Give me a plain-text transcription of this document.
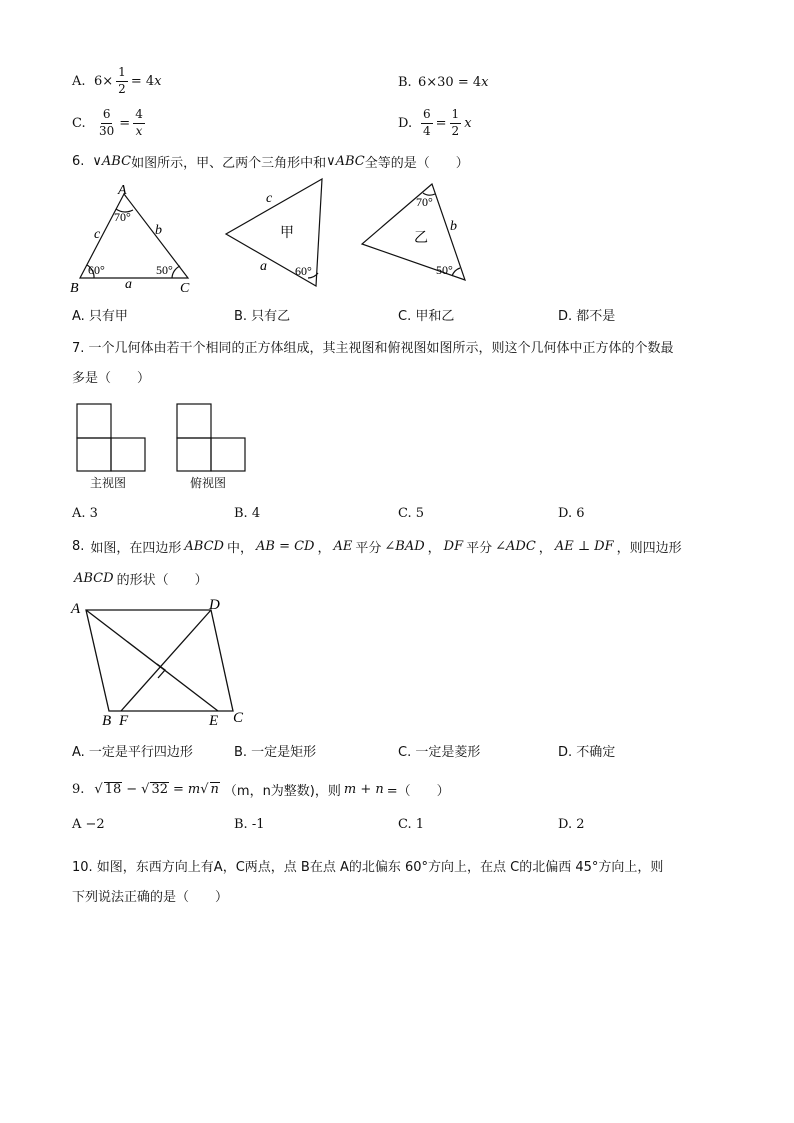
A. $6\times \frac{1}{2} = 4$ x	B. 6×30 = 4 x
C. $\frac{6}{30} = \frac{4}{x}$	D. $\frac{6}{4} = \frac{1}{2}$ x
6. ∨ABC 如图所示，甲、乙两个三角形中和 ∨ABC 全等的是（　　）
A
B	C
c	b
a
70°
60°	50°
c
甲
a 60°
70°
b
乙
50°
A. 只有甲	B. 只有乙	C. 甲和乙	D. 都不是
7. 一个几何体由若干个相同的正方体组成，其主视图和俯视图如图所示，则这个几何体中正方体的个数最
多是（　　）
主视图	俯视图
A. 3	B. 4	C. 5	D. 6
8. 如图，在四边形 ABCD 中， AB = CD ， AE 平分 ∠BAD ， DF 平分 ∠ADC ， AE ⊥ DF ，则四边形
ABCD 的形状（　　）
A	D
B F	E C
A. 一定是平行四边形	B. 一定是矩形	C. 一定是菱形	D. 不确定
9. √ 18 − √ 32 = m √ n （m，n为整数)，则 m + n =（　　）
A −2	B. -1	C. 1	D. 2
10. 如图，东西方向上有A，C两点，点 B在点 A的北偏东 60°方向上，在点 C的北偏西 45°方向上，则
下列说法正确的是（　　）
